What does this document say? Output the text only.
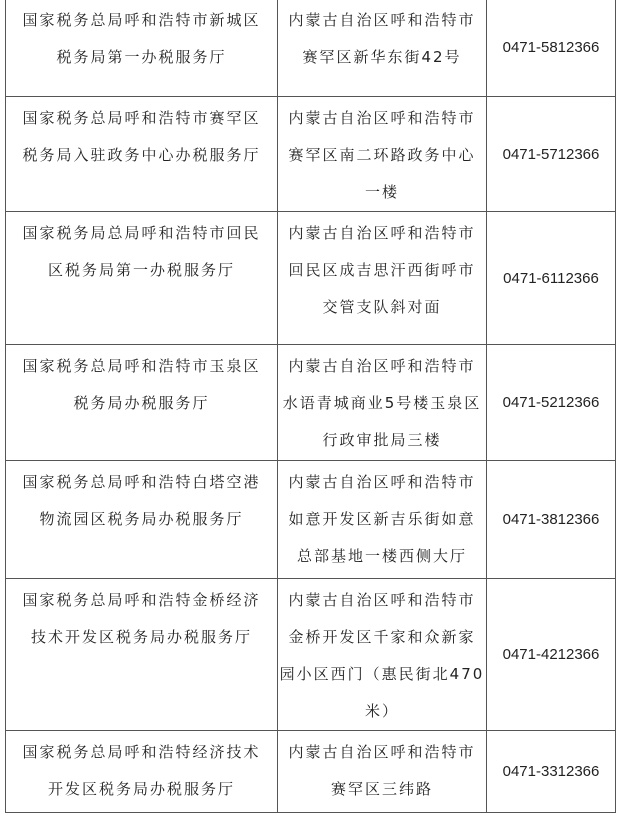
国家税务总局呼和浩特市新城区
税务局第一办税服务厅	内蒙古自治区呼和浩特市
赛罕区新华东街42号	0471-5812366

国家税务总局呼和浩特市赛罕区
税务局入驻政务中心办税服务厅	内蒙古自治区呼和浩特市
赛罕区南二环路政务中心
一楼	0471-5712366

国家税务局总局呼和浩特市回民
区税务局第一办税服务厅	内蒙古自治区呼和浩特市
回民区成吉思汗西街呼市
交管支队斜对面	0471-6112366

国家税务总局呼和浩特市玉泉区
税务局办税服务厅	内蒙古自治区呼和浩特市
水语青城商业5号楼玉泉区
行政审批局三楼	0471-5212366

国家税务总局呼和浩特白塔空港
物流园区税务局办税服务厅	内蒙古自治区呼和浩特市
如意开发区新吉乐街如意
总部基地一楼西侧大厅	0471-3812366

国家税务总局呼和浩特金桥经济
技术开发区税务局办税服务厅	内蒙古自治区呼和浩特市
金桥开发区千家和众新家
园小区西门（惠民街北470
米）	0471-4212366

国家税务总局呼和浩特经济技术
开发区税务局办税服务厅	内蒙古自治区呼和浩特市
赛罕区三纬路	0471-3312366
